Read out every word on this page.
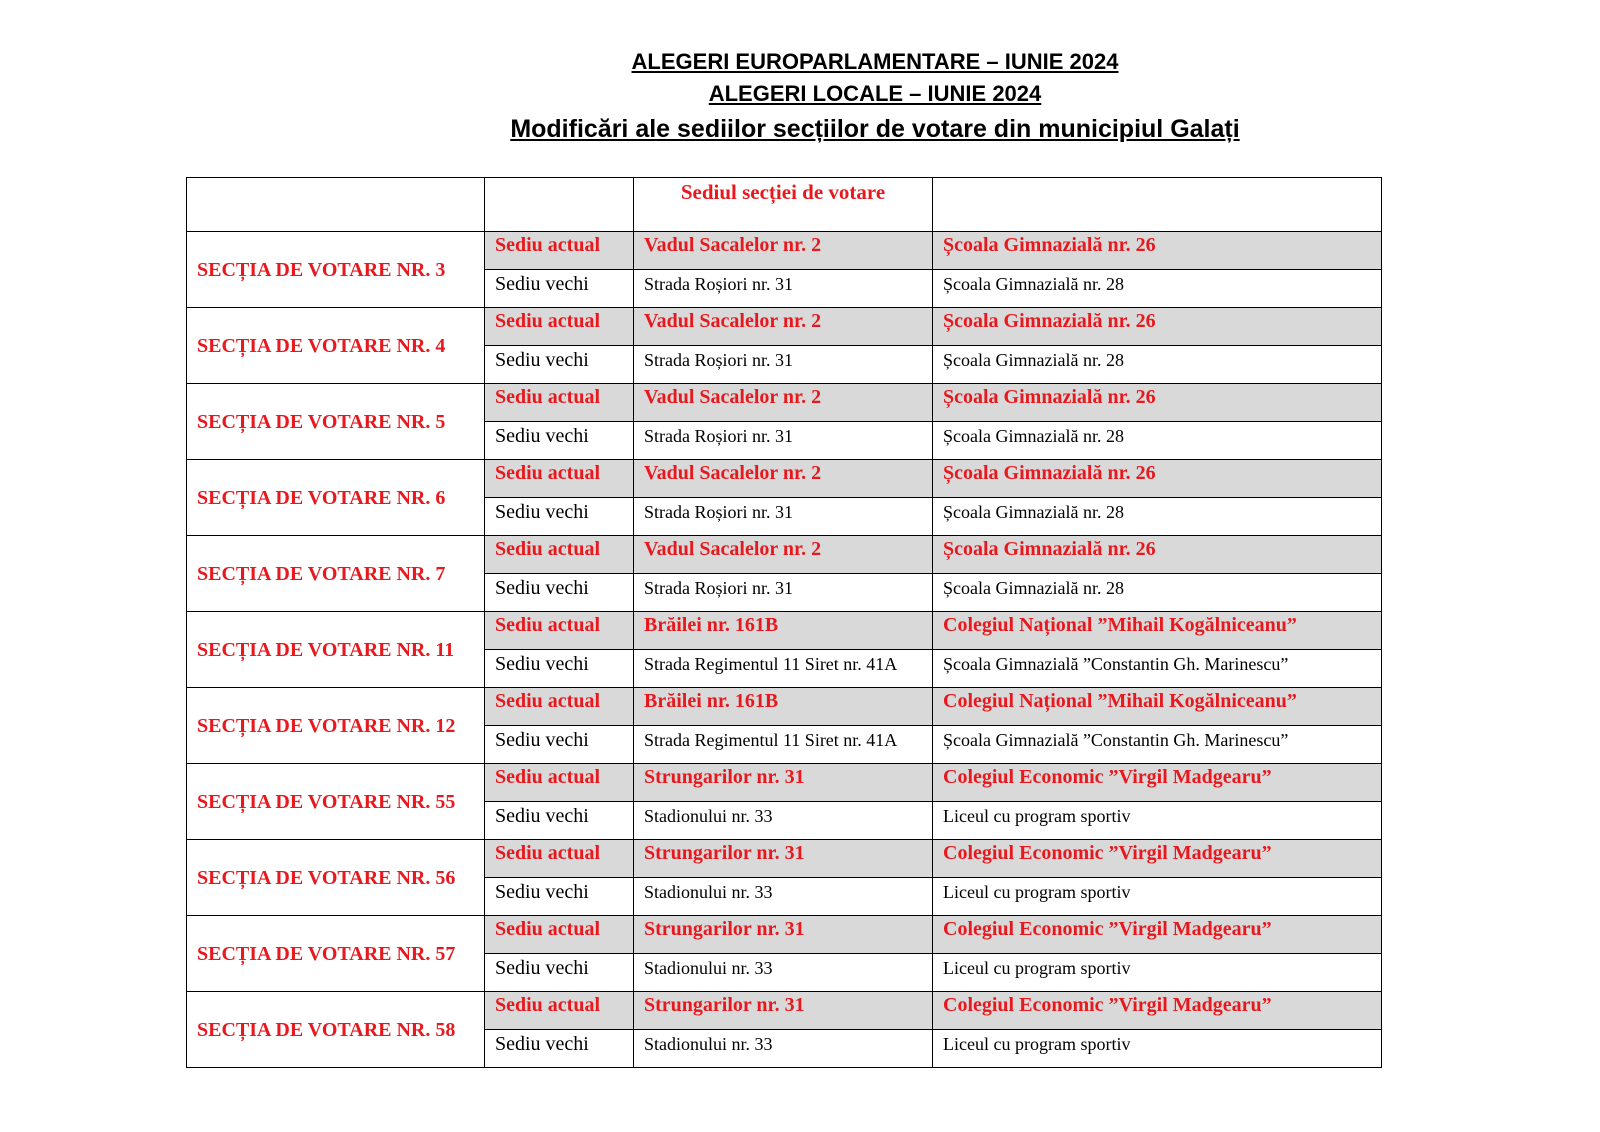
ALEGERI EUROPARLAMENTARE – IUNIE 2024
ALEGERI LOCALE – IUNIE 2024
Modificări ale sediilor secțiilor de votare din municipiul Galați
		Sediul secției de votare	
SECȚIA DE VOTARE NR. 3	Sediu actual	Vadul Sacalelor nr. 2	Școala Gimnazială nr. 26
	Sediu vechi	Strada Roșiori nr. 31	Școala Gimnazială nr. 28
SECȚIA DE VOTARE NR. 4	Sediu actual	Vadul Sacalelor nr. 2	Școala Gimnazială nr. 26
	Sediu vechi	Strada Roșiori nr. 31	Școala Gimnazială nr. 28
SECȚIA DE VOTARE NR. 5	Sediu actual	Vadul Sacalelor nr. 2	Școala Gimnazială nr. 26
	Sediu vechi	Strada Roșiori nr. 31	Școala Gimnazială nr. 28
SECȚIA DE VOTARE NR. 6	Sediu actual	Vadul Sacalelor nr. 2	Școala Gimnazială nr. 26
	Sediu vechi	Strada Roșiori nr. 31	Școala Gimnazială nr. 28
SECȚIA DE VOTARE NR. 7	Sediu actual	Vadul Sacalelor nr. 2	Școala Gimnazială nr. 26
	Sediu vechi	Strada Roșiori nr. 31	Școala Gimnazială nr. 28
SECȚIA DE VOTARE NR. 11	Sediu actual	Brăilei nr. 161B	Colegiul Național ”Mihail Kogălniceanu”
	Sediu vechi	Strada Regimentul 11 Siret nr. 41A	Școala Gimnazială ”Constantin Gh. Marinescu”
SECȚIA DE VOTARE NR. 12	Sediu actual	Brăilei nr. 161B	Colegiul Național ”Mihail Kogălniceanu”
	Sediu vechi	Strada Regimentul 11 Siret nr. 41A	Școala Gimnazială ”Constantin Gh. Marinescu”
SECȚIA DE VOTARE NR. 55	Sediu actual	Strungarilor nr. 31	Colegiul Economic ”Virgil Madgearu”
	Sediu vechi	Stadionului nr. 33	Liceul cu program sportiv
SECȚIA DE VOTARE NR. 56	Sediu actual	Strungarilor nr. 31	Colegiul Economic ”Virgil Madgearu”
	Sediu vechi	Stadionului nr. 33	Liceul cu program sportiv
SECȚIA DE VOTARE NR. 57	Sediu actual	Strungarilor nr. 31	Colegiul Economic ”Virgil Madgearu”
	Sediu vechi	Stadionului nr. 33	Liceul cu program sportiv
SECȚIA DE VOTARE NR. 58	Sediu actual	Strungarilor nr. 31	Colegiul Economic ”Virgil Madgearu”
	Sediu vechi	Stadionului nr. 33	Liceul cu program sportiv
